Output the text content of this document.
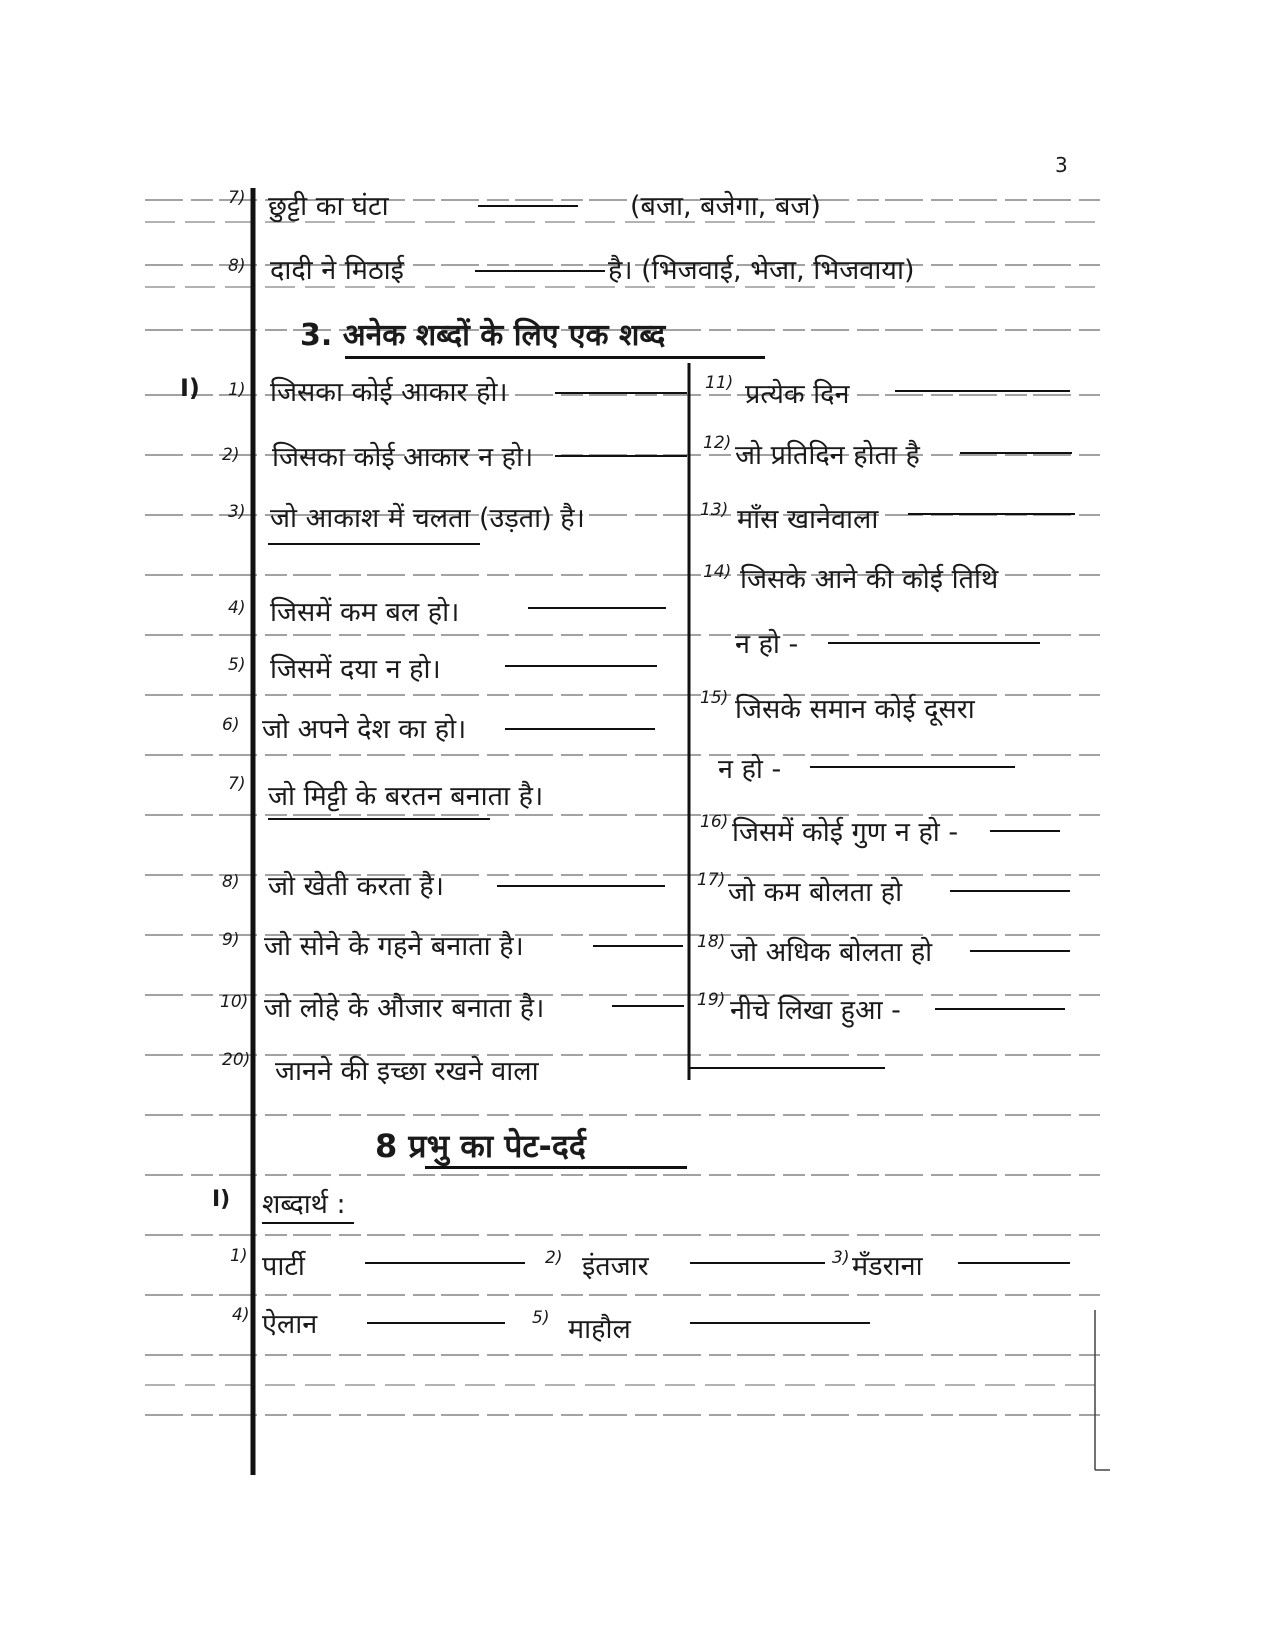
3
7) छुट्टी का घंटा	(बजा, बजेगा, बज)
8) दादी ने मिठाई	है। (भिजवाई, भेजा, भिजवाया)
3. अनेक शब्दों के लिए एक शब्द
I) 1) जिसका कोई आकार हो।
2) जिसका कोई आकार न हो।
3) जो आकाश में चलता (उड़ता) है।
4) जिसमें कम बल हो।
5) जिसमें दया न हो।
6) जो अपने देश का हो।
7) जो मिट्टी के बरतन बनाता है।
8) जो खेती करता है।
9) जो सोने के गहने बनाता है।
10) जो लोहे के औजार बनाता है।
20) जानने की इच्छा रखने वाला
11) प्रत्येक दिन
12) जो प्रतिदिन होता है
13) माँस खानेवाला
14) जिसके आने की कोई तिथि
न हो -
15) जिसके समान कोई दूसरा
न हो -
16) जिसमें कोई गुण न हो -
17) जो कम बोलता हो
18) जो अधिक बोलता हो
19) नीचे लिखा हुआ -
8 प्रभु का पेट-दर्द
I) शब्दार्थ :
1) पार्टी	2) इंतजार	3) मँडराना
4) ऐलान	5) माहौल
